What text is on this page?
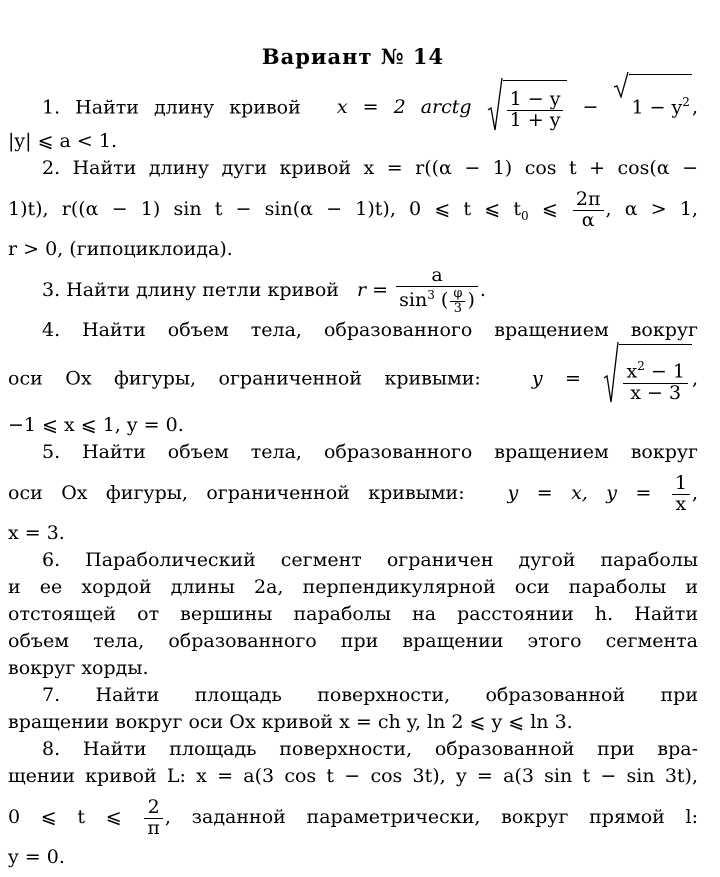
Вариант № 14
1. Найти длину кривой x = 2 arctg $\frac{1 - y}{1 + y} - 1 - y^2$ ,
|y| ⩽ a < 1.
2. Найти длину дуги кривой x = r((α − 1) cos t + cos(α −
1)t), r((α − 1) sin t − sin(α − 1)t), 0 ⩽ t ⩽ $t_0$ ⩽ $\frac{2\pi}{\alpha}$ , α > 1,
r > 0, (гипоциклоида).
3. Найти длину петли кривой $r = \frac{a}{\sin^3 ( \frac{\varphi}{3} )}$ .
4. Найти объем тела, образованного вращением вокруг
оси Ox фигуры, ограниченной кривыми:	$y = \frac{x^2 - 1}{x - 3}$ ,
−1 ⩽ x ⩽ 1, y = 0.
5. Найти объем тела, образованного вращением вокруг
оси Ox фигуры, ограниченной кривыми: y = x, $y = \frac{1}{x}$ ,
x = 3.
6. Параболический сегмент ограничен дугой параболы
и ее хордой длины 2a, перпендикулярной оси параболы и
отстоящей от вершины параболы на расстоянии h. Найти
объем тела, образованного при вращении этого сегмента
вокруг хорды.
7. Найти площадь поверхности, образованной при
вращении вокруг оси Ox кривой x = ch y, ln 2 ⩽ y ⩽ ln 3.
8. Найти площадь поверхности, образованной при вра-
щении кривой L: x = a(3 cos t − cos 3t), y = a(3 sin t − sin 3t),
0 ⩽ t ⩽ $\frac{2}{\pi}$ , заданной параметрически, вокруг прямой l:
y = 0.
